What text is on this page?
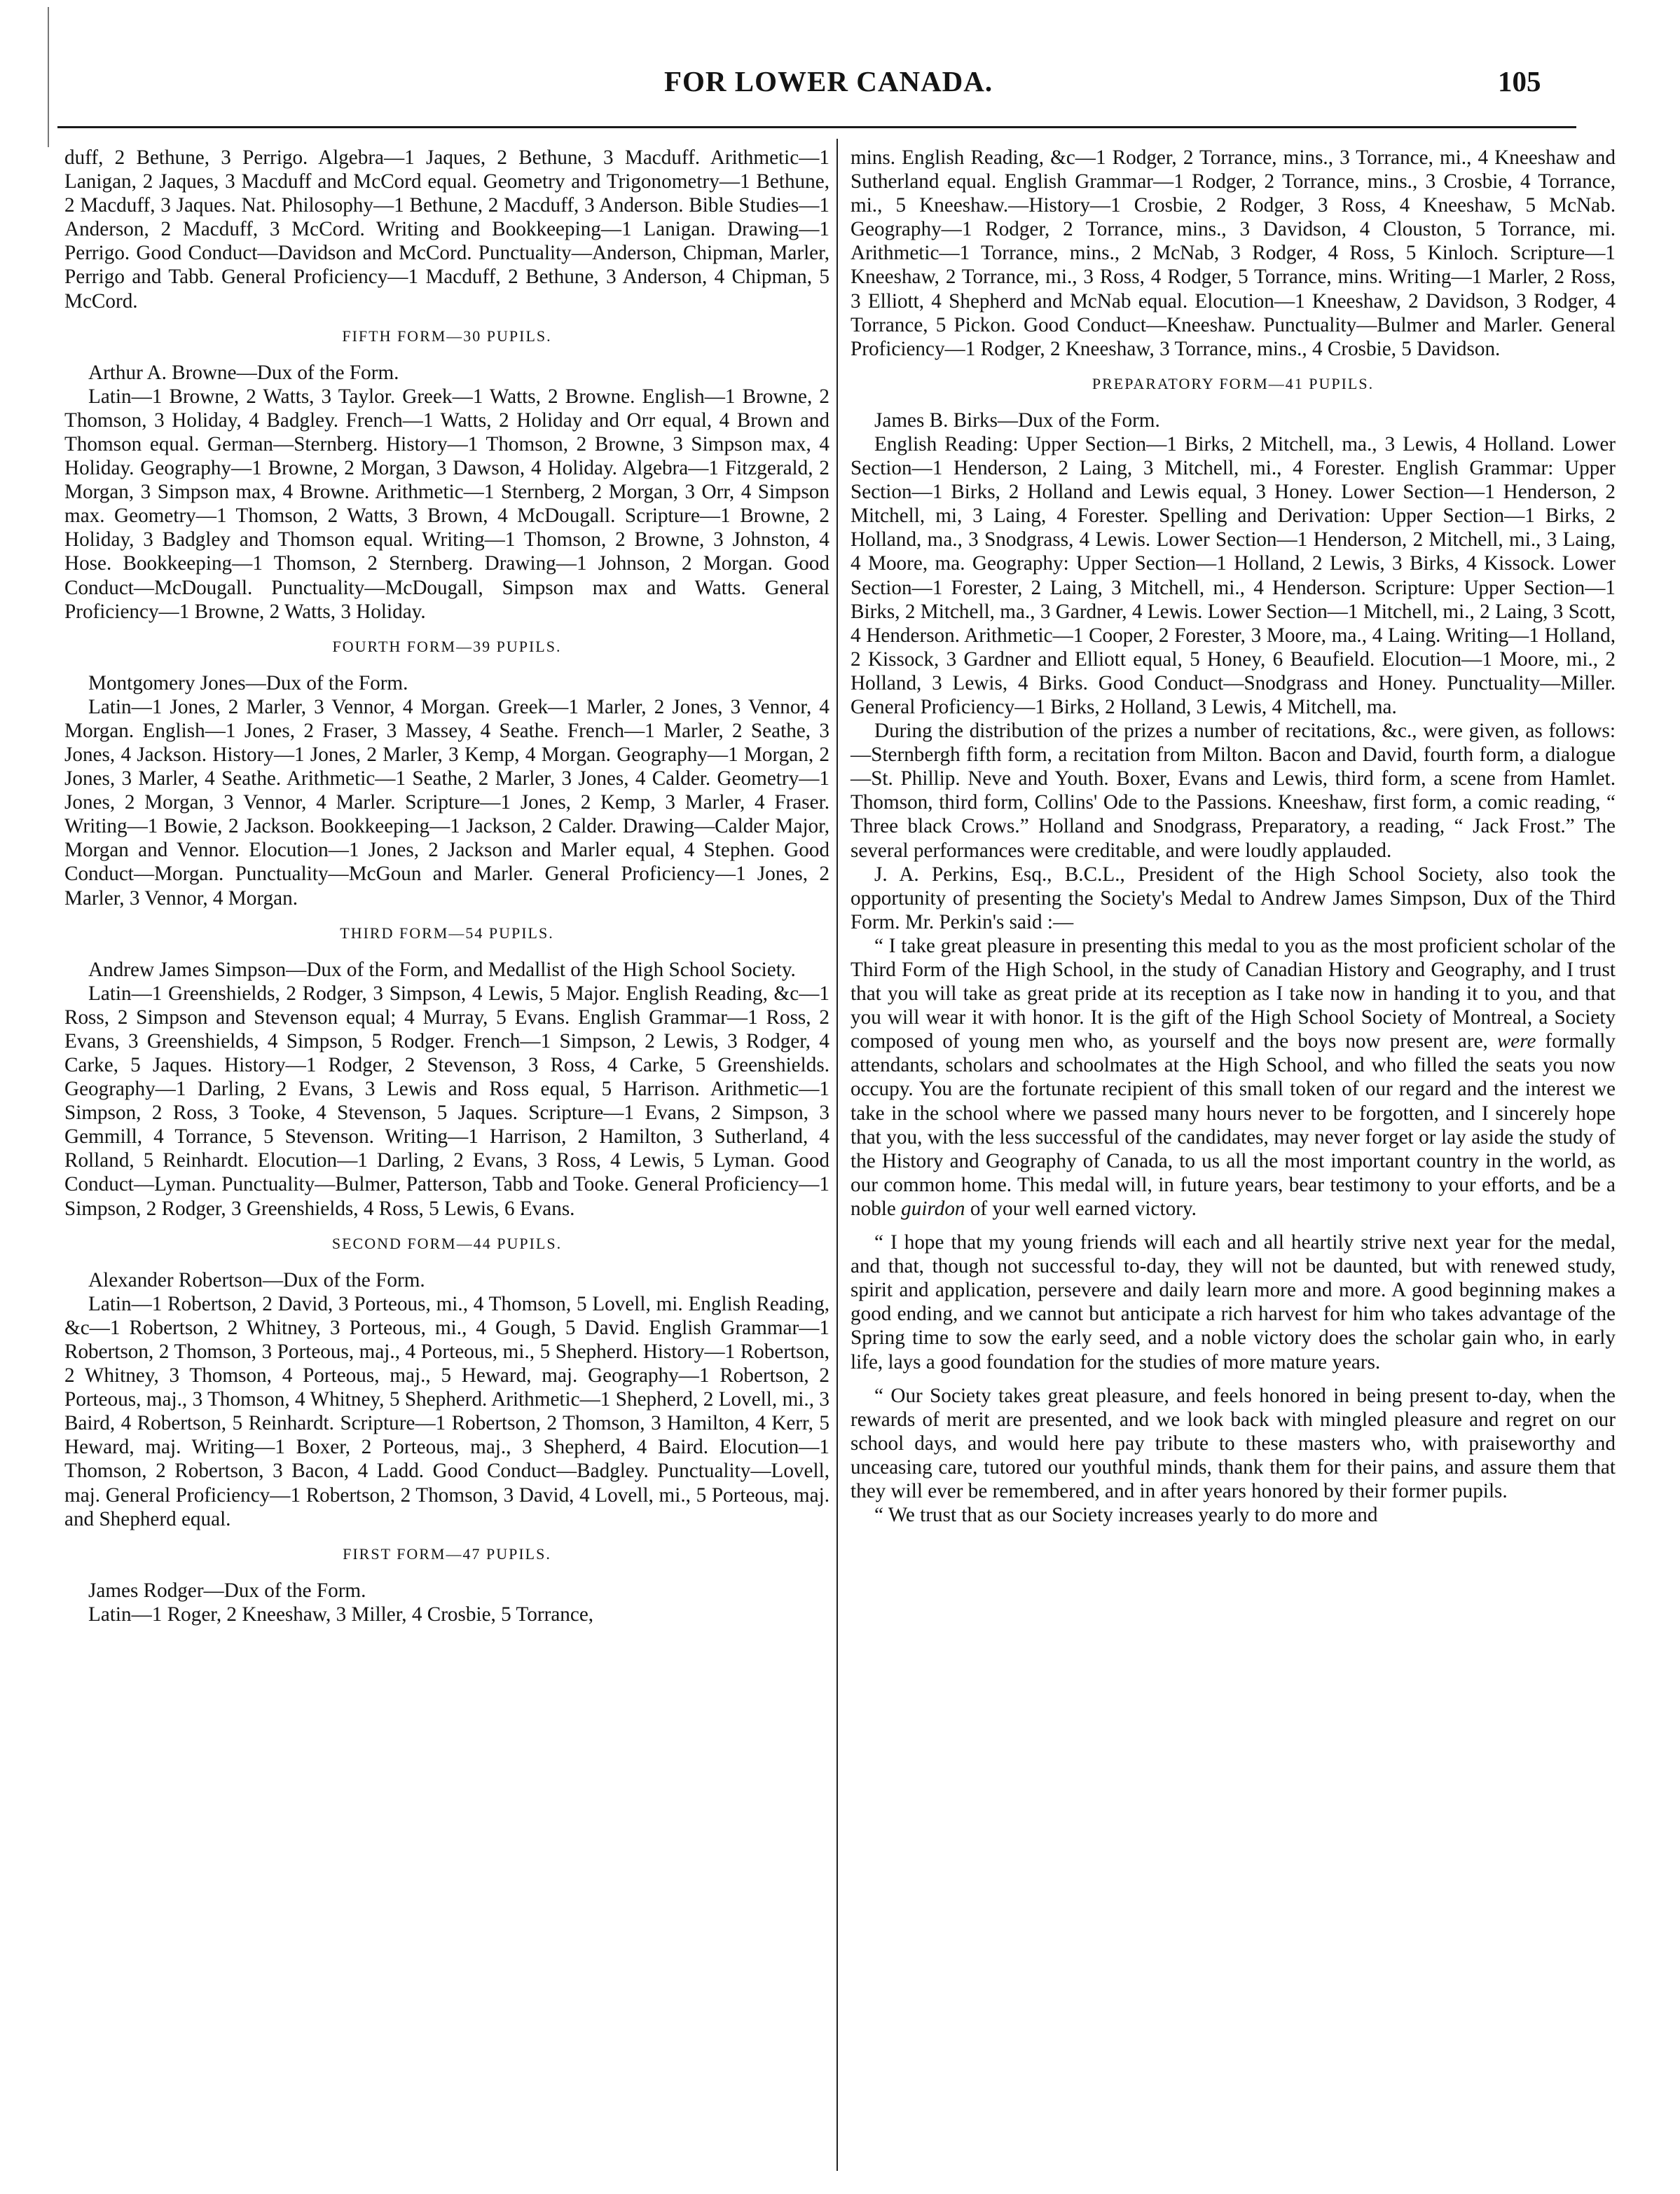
FOR LOWER CANADA.	105

duff, 2 Bethune, 3 Perrigo. Algebra—1 Jaques, 2 Bethune, 3 Macduff. Arithmetic—1 Lanigan, 2 Jaques, 3 Macduff and McCord equal. Geometry and Trigonometry—1 Bethune, 2 Macduff, 3 Jaques. Nat. Philosophy—1 Bethune, 2 Macduff, 3 Anderson. Bible Studies—1 Anderson, 2 Macduff, 3 McCord. Writing and Bookkeeping—1 Lanigan. Drawing—1 Perrigo. Good Conduct—Davidson and McCord. Punctuality—Anderson, Chipman, Marler, Perrigo and Tabb. General Proficiency—1 Macduff, 2 Bethune, 3 Anderson, 4 Chipman, 5 McCord.

FIFTH FORM—30 PUPILS.

Arthur A. Browne—Dux of the Form.

Latin—1 Browne, 2 Watts, 3 Taylor. Greek—1 Watts, 2 Browne. English—1 Browne, 2 Thomson, 3 Holiday, 4 Badgley. French—1 Watts, 2 Holiday and Orr equal, 4 Brown and Thomson equal. German—Sternberg. History—1 Thomson, 2 Browne, 3 Simpson max, 4 Holiday. Geography—1 Browne, 2 Morgan, 3 Dawson, 4 Holiday. Algebra—1 Fitzgerald, 2 Morgan, 3 Simpson max, 4 Browne. Arithmetic—1 Sternberg, 2 Morgan, 3 Orr, 4 Simpson max. Geometry—1 Thomson, 2 Watts, 3 Brown, 4 McDougall. Scripture—1 Browne, 2 Holiday, 3 Badgley and Thomson equal. Writing—1 Thomson, 2 Browne, 3 Johnston, 4 Hose. Bookkeeping—1 Thomson, 2 Sternberg. Drawing—1 Johnson, 2 Morgan. Good Conduct—McDougall. Punctuality—McDougall, Simpson max and Watts. General Proficiency—1 Browne, 2 Watts, 3 Holiday.

FOURTH FORM—39 PUPILS.

Montgomery Jones—Dux of the Form.

Latin—1 Jones, 2 Marler, 3 Vennor, 4 Morgan. Greek—1 Marler, 2 Jones, 3 Vennor, 4 Morgan. English—1 Jones, 2 Fraser, 3 Massey, 4 Seathe. French—1 Marler, 2 Seathe, 3 Jones, 4 Jackson. History—1 Jones, 2 Marler, 3 Kemp, 4 Morgan. Geography—1 Morgan, 2 Jones, 3 Marler, 4 Seathe. Arithmetic—1 Seathe, 2 Marler, 3 Jones, 4 Calder. Geometry—1 Jones, 2 Morgan, 3 Vennor, 4 Marler. Scripture—1 Jones, 2 Kemp, 3 Marler, 4 Fraser. Writing—1 Bowie, 2 Jackson. Bookkeeping—1 Jackson, 2 Calder. Drawing—Calder Major, Morgan and Vennor. Elocution—1 Jones, 2 Jackson and Marler equal, 4 Stephen. Good Conduct—Morgan. Punctuality—McGoun and Marler. General Proficiency—1 Jones, 2 Marler, 3 Vennor, 4 Morgan.

THIRD FORM—54 PUPILS.

Andrew James Simpson—Dux of the Form, and Medallist of the High School Society.

Latin—1 Greenshields, 2 Rodger, 3 Simpson, 4 Lewis, 5 Major. English Reading, &c—1 Ross, 2 Simpson and Stevenson equal; 4 Murray, 5 Evans. English Grammar—1 Ross, 2 Evans, 3 Greenshields, 4 Simpson, 5 Rodger. French—1 Simpson, 2 Lewis, 3 Rodger, 4 Carke, 5 Jaques. History—1 Rodger, 2 Stevenson, 3 Ross, 4 Carke, 5 Greenshields. Geography—1 Darling, 2 Evans, 3 Lewis and Ross equal, 5 Harrison. Arithmetic—1 Simpson, 2 Ross, 3 Tooke, 4 Stevenson, 5 Jaques. Scripture—1 Evans, 2 Simpson, 3 Gemmill, 4 Torrance, 5 Stevenson. Writing—1 Harrison, 2 Hamilton, 3 Sutherland, 4 Rolland, 5 Reinhardt. Elocution—1 Darling, 2 Evans, 3 Ross, 4 Lewis, 5 Lyman. Good Conduct—Lyman. Punctuality—Bulmer, Patterson, Tabb and Tooke. General Proficiency—1 Simpson, 2 Rodger, 3 Greenshields, 4 Ross, 5 Lewis, 6 Evans.

SECOND FORM—44 PUPILS.

Alexander Robertson—Dux of the Form.

Latin—1 Robertson, 2 David, 3 Porteous, mi., 4 Thomson, 5 Lovell, mi. English Reading, &c—1 Robertson, 2 Whitney, 3 Porteous, mi., 4 Gough, 5 David. English Grammar—1 Robertson, 2 Thomson, 3 Porteous, maj., 4 Porteous, mi., 5 Shepherd. History—1 Robertson, 2 Whitney, 3 Thomson, 4 Porteous, maj., 5 Heward, maj. Geography—1 Robertson, 2 Porteous, maj., 3 Thomson, 4 Whitney, 5 Shepherd. Arithmetic—1 Shepherd, 2 Lovell, mi., 3 Baird, 4 Robertson, 5 Reinhardt. Scripture—1 Robertson, 2 Thomson, 3 Hamilton, 4 Kerr, 5 Heward, maj. Writing—1 Boxer, 2 Porteous, maj., 3 Shepherd, 4 Baird. Elocution—1 Thomson, 2 Robertson, 3 Bacon, 4 Ladd. Good Conduct—Badgley. Punctuality—Lovell, maj. General Proficiency—1 Robertson, 2 Thomson, 3 David, 4 Lovell, mi., 5 Porteous, maj. and Shepherd equal.

FIRST FORM—47 PUPILS.

James Rodger—Dux of the Form.

Latin—1 Roger, 2 Kneeshaw, 3 Miller, 4 Crosbie, 5 Torrance,

mins. English Reading, &c—1 Rodger, 2 Torrance, mins., 3 Torrance, mi., 4 Kneeshaw and Sutherland equal. English Grammar—1 Rodger, 2 Torrance, mins., 3 Crosbie, 4 Torrance, mi., 5 Kneeshaw.—History—1 Crosbie, 2 Rodger, 3 Ross, 4 Kneeshaw, 5 McNab. Geography—1 Rodger, 2 Torrance, mins., 3 Davidson, 4 Clouston, 5 Torrance, mi. Arithmetic—1 Torrance, mins., 2 McNab, 3 Rodger, 4 Ross, 5 Kinloch. Scripture—1 Kneeshaw, 2 Torrance, mi., 3 Ross, 4 Rodger, 5 Torrance, mins. Writing—1 Marler, 2 Ross, 3 Elliott, 4 Shepherd and McNab equal. Elocution—1 Kneeshaw, 2 Davidson, 3 Rodger, 4 Torrance, 5 Pickon. Good Conduct—Kneeshaw. Punctuality—Bulmer and Marler. General Proficiency—1 Rodger, 2 Kneeshaw, 3 Torrance, mins., 4 Crosbie, 5 Davidson.

PREPARATORY FORM—41 PUPILS.

James B. Birks—Dux of the Form.

English Reading: Upper Section—1 Birks, 2 Mitchell, ma., 3 Lewis, 4 Holland. Lower Section—1 Henderson, 2 Laing, 3 Mitchell, mi., 4 Forester. English Grammar: Upper Section—1 Birks, 2 Holland and Lewis equal, 3 Honey. Lower Section—1 Henderson, 2 Mitchell, mi, 3 Laing, 4 Forester. Spelling and Derivation: Upper Section—1 Birks, 2 Holland, ma., 3 Snodgrass, 4 Lewis. Lower Section—1 Henderson, 2 Mitchell, mi., 3 Laing, 4 Moore, ma. Geography: Upper Section—1 Holland, 2 Lewis, 3 Birks, 4 Kissock. Lower Section—1 Forester, 2 Laing, 3 Mitchell, mi., 4 Henderson. Scripture: Upper Section—1 Birks, 2 Mitchell, ma., 3 Gardner, 4 Lewis. Lower Section—1 Mitchell, mi., 2 Laing, 3 Scott, 4 Henderson. Arithmetic—1 Cooper, 2 Forester, 3 Moore, ma., 4 Laing. Writing—1 Holland, 2 Kissock, 3 Gardner and Elliott equal, 5 Honey, 6 Beaufield. Elocution—1 Moore, mi., 2 Holland, 3 Lewis, 4 Birks. Good Conduct—Snodgrass and Honey. Punctuality—Miller. General Proficiency—1 Birks, 2 Holland, 3 Lewis, 4 Mitchell, ma.

During the distribution of the prizes a number of recitations, &c., were given, as follows:—Sternbergh fifth form, a recitation from Milton. Bacon and David, fourth form, a dialogue—St. Phillip. Neve and Youth. Boxer, Evans and Lewis, third form, a scene from Hamlet. Thomson, third form, Collins' Ode to the Passions. Kneeshaw, first form, a comic reading, “ Three black Crows.” Holland and Snodgrass, Preparatory, a reading, “ Jack Frost.” The several performances were creditable, and were loudly applauded.

J. A. Perkins, Esq., B.C.L., President of the High School Society, also took the opportunity of presenting the Society's Medal to Andrew James Simpson, Dux of the Third Form. Mr. Perkin's said :—

“ I take great pleasure in presenting this medal to you as the most proficient scholar of the Third Form of the High School, in the study of Canadian History and Geography, and I trust that you will take as great pride at its reception as I take now in handing it to you, and that you will wear it with honor. It is the gift of the High School Society of Montreal, a Society composed of young men who, as yourself and the boys now present are, were formally attendants, scholars and schoolmates at the High School, and who filled the seats you now occupy. You are the fortunate recipient of this small token of our regard and the interest we take in the school where we passed many hours never to be forgotten, and I sincerely hope that you, with the less successful of the candidates, may never forget or lay aside the study of the History and Geography of Canada, to us all the most important country in the world, as our common home. This medal will, in future years, bear testimony to your efforts, and be a noble guirdon of your well earned victory.

“ I hope that my young friends will each and all heartily strive next year for the medal, and that, though not successful to-day, they will not be daunted, but with renewed study, spirit and application, persevere and daily learn more and more. A good beginning makes a good ending, and we cannot but anticipate a rich harvest for him who takes advantage of the Spring time to sow the early seed, and a noble victory does the scholar gain who, in early life, lays a good foundation for the studies of more mature years.

“ Our Society takes great pleasure, and feels honored in being present to-day, when the rewards of merit are presented, and we look back with mingled pleasure and regret on our school days, and would here pay tribute to these masters who, with praiseworthy and unceasing care, tutored our youthful minds, thank them for their pains, and assure them that they will ever be remembered, and in after years honored by their former pupils.

“ We trust that as our Society increases yearly to do more and
